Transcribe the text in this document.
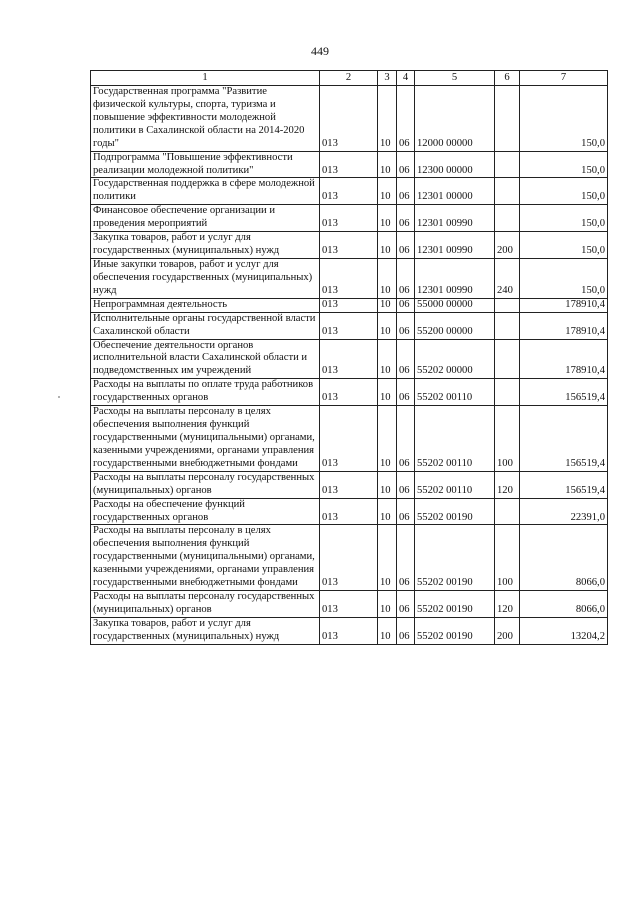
449
1	2	3	4	5	6	7
Государственная программа "Развитие физической культуры, спорта, туризма и повышение эффективности молодежной политики в Сахалинской области на 2014-2020 годы"	013	10	06	12000 00000		150,0
Подпрограмма "Повышение эффективности реализации молодежной политики"	013	10	06	12300 00000		150,0
Государственная поддержка в сфере молодежной политики	013	10	06	12301 00000		150,0
Финансовое обеспечение организации и проведения мероприятий	013	10	06	12301 00990		150,0
Закупка товаров, работ и услуг для государственных (муниципальных) нужд	013	10	06	12301 00990	200	150,0
Иные закупки товаров, работ и услуг для обеспечения государственных (муниципальных) нужд	013	10	06	12301 00990	240	150,0
Непрограммная деятельность	013	10	06	55000 00000		178910,4
Исполнительные органы государственной власти Сахалинской области	013	10	06	55200 00000		178910,4
Обеспечение деятельности органов исполнительной власти Сахалинской области и подведомственных им учреждений	013	10	06	55202 00000		178910,4
Расходы на выплаты по оплате труда работников государственных органов	013	10	06	55202 00110		156519,4
Расходы на выплаты персоналу в целях обеспечения выполнения функций государственными (муниципальными) органами, казенными учреждениями, органами управления государственными внебюджетными фондами	013	10	06	55202 00110	100	156519,4
Расходы на выплаты персоналу государственных (муниципальных) органов	013	10	06	55202 00110	120	156519,4
Расходы на обеспечение функций государственных органов	013	10	06	55202 00190		22391,0
Расходы на выплаты персоналу в целях обеспечения выполнения функций государственными (муниципальными) органами, казенными учреждениями, органами управления государственными внебюджетными фондами	013	10	06	55202 00190	100	8066,0
Расходы на выплаты персоналу государственных (муниципальных) органов	013	10	06	55202 00190	120	8066,0
Закупка товаров, работ и услуг для государственных (муниципальных) нужд	013	10	06	55202 00190	200	13204,2
